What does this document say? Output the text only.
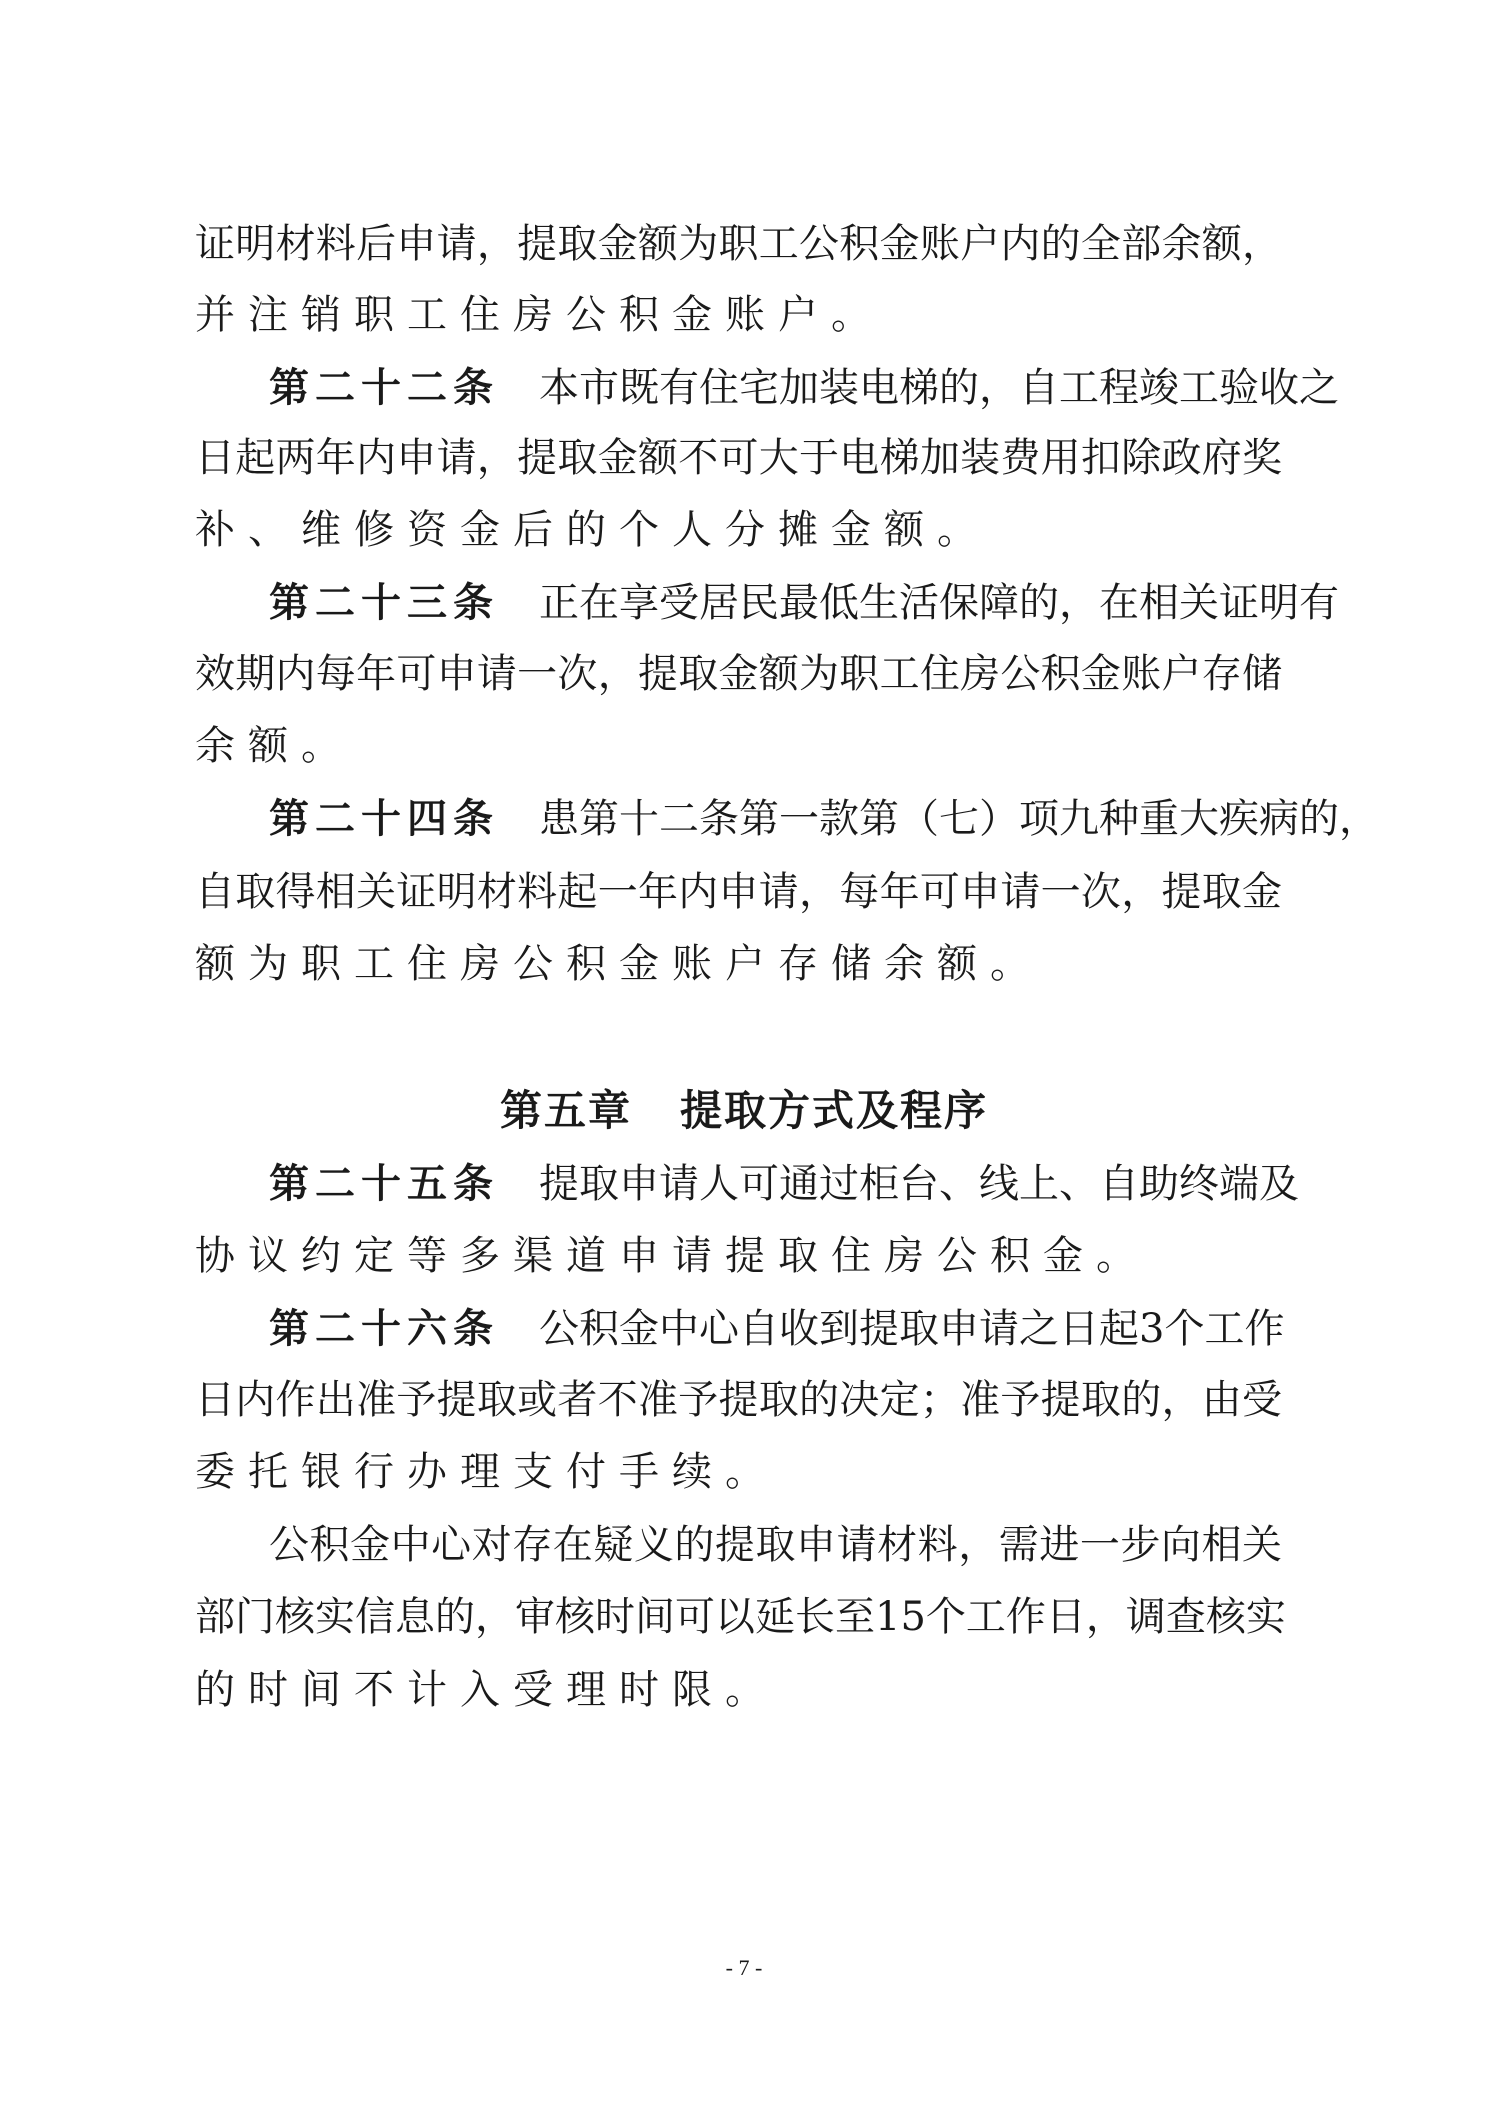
证明材料后申请，提取金额为职工公积金账户内的全部余额，
并注销职工住房公积金账户。
第二十二条 本市既有住宅加装电梯的，自工程竣工验收之
日起两年内申请，提取金额不可大于电梯加装费用扣除政府奖
补、维修资金后的个人分摊金额。
第二十三条 正在享受居民最低生活保障的，在相关证明有
效期内每年可申请一次，提取金额为职工住房公积金账户存储
余额。
第二十四条 患第十二条第一款第（七）项九种重大疾病的，
自取得相关证明材料起一年内申请，每年可申请一次，提取金
额为职工住房公积金账户存储余额。
第五章 提取方式及程序
第二十五条 提取申请人可通过柜台、线上、自助终端及
协议约定等多渠道申请提取住房公积金。
第二十六条 公积金中心自收到提取申请之日起3个工作
日内作出准予提取或者不准予提取的决定；准予提取的，由受
委托银行办理支付手续。
公积金中心对存在疑义的提取申请材料，需进一步向相关
部门核实信息的，审核时间可以延长至15个工作日，调查核实
的时间不计入受理时限。
- 7 -
